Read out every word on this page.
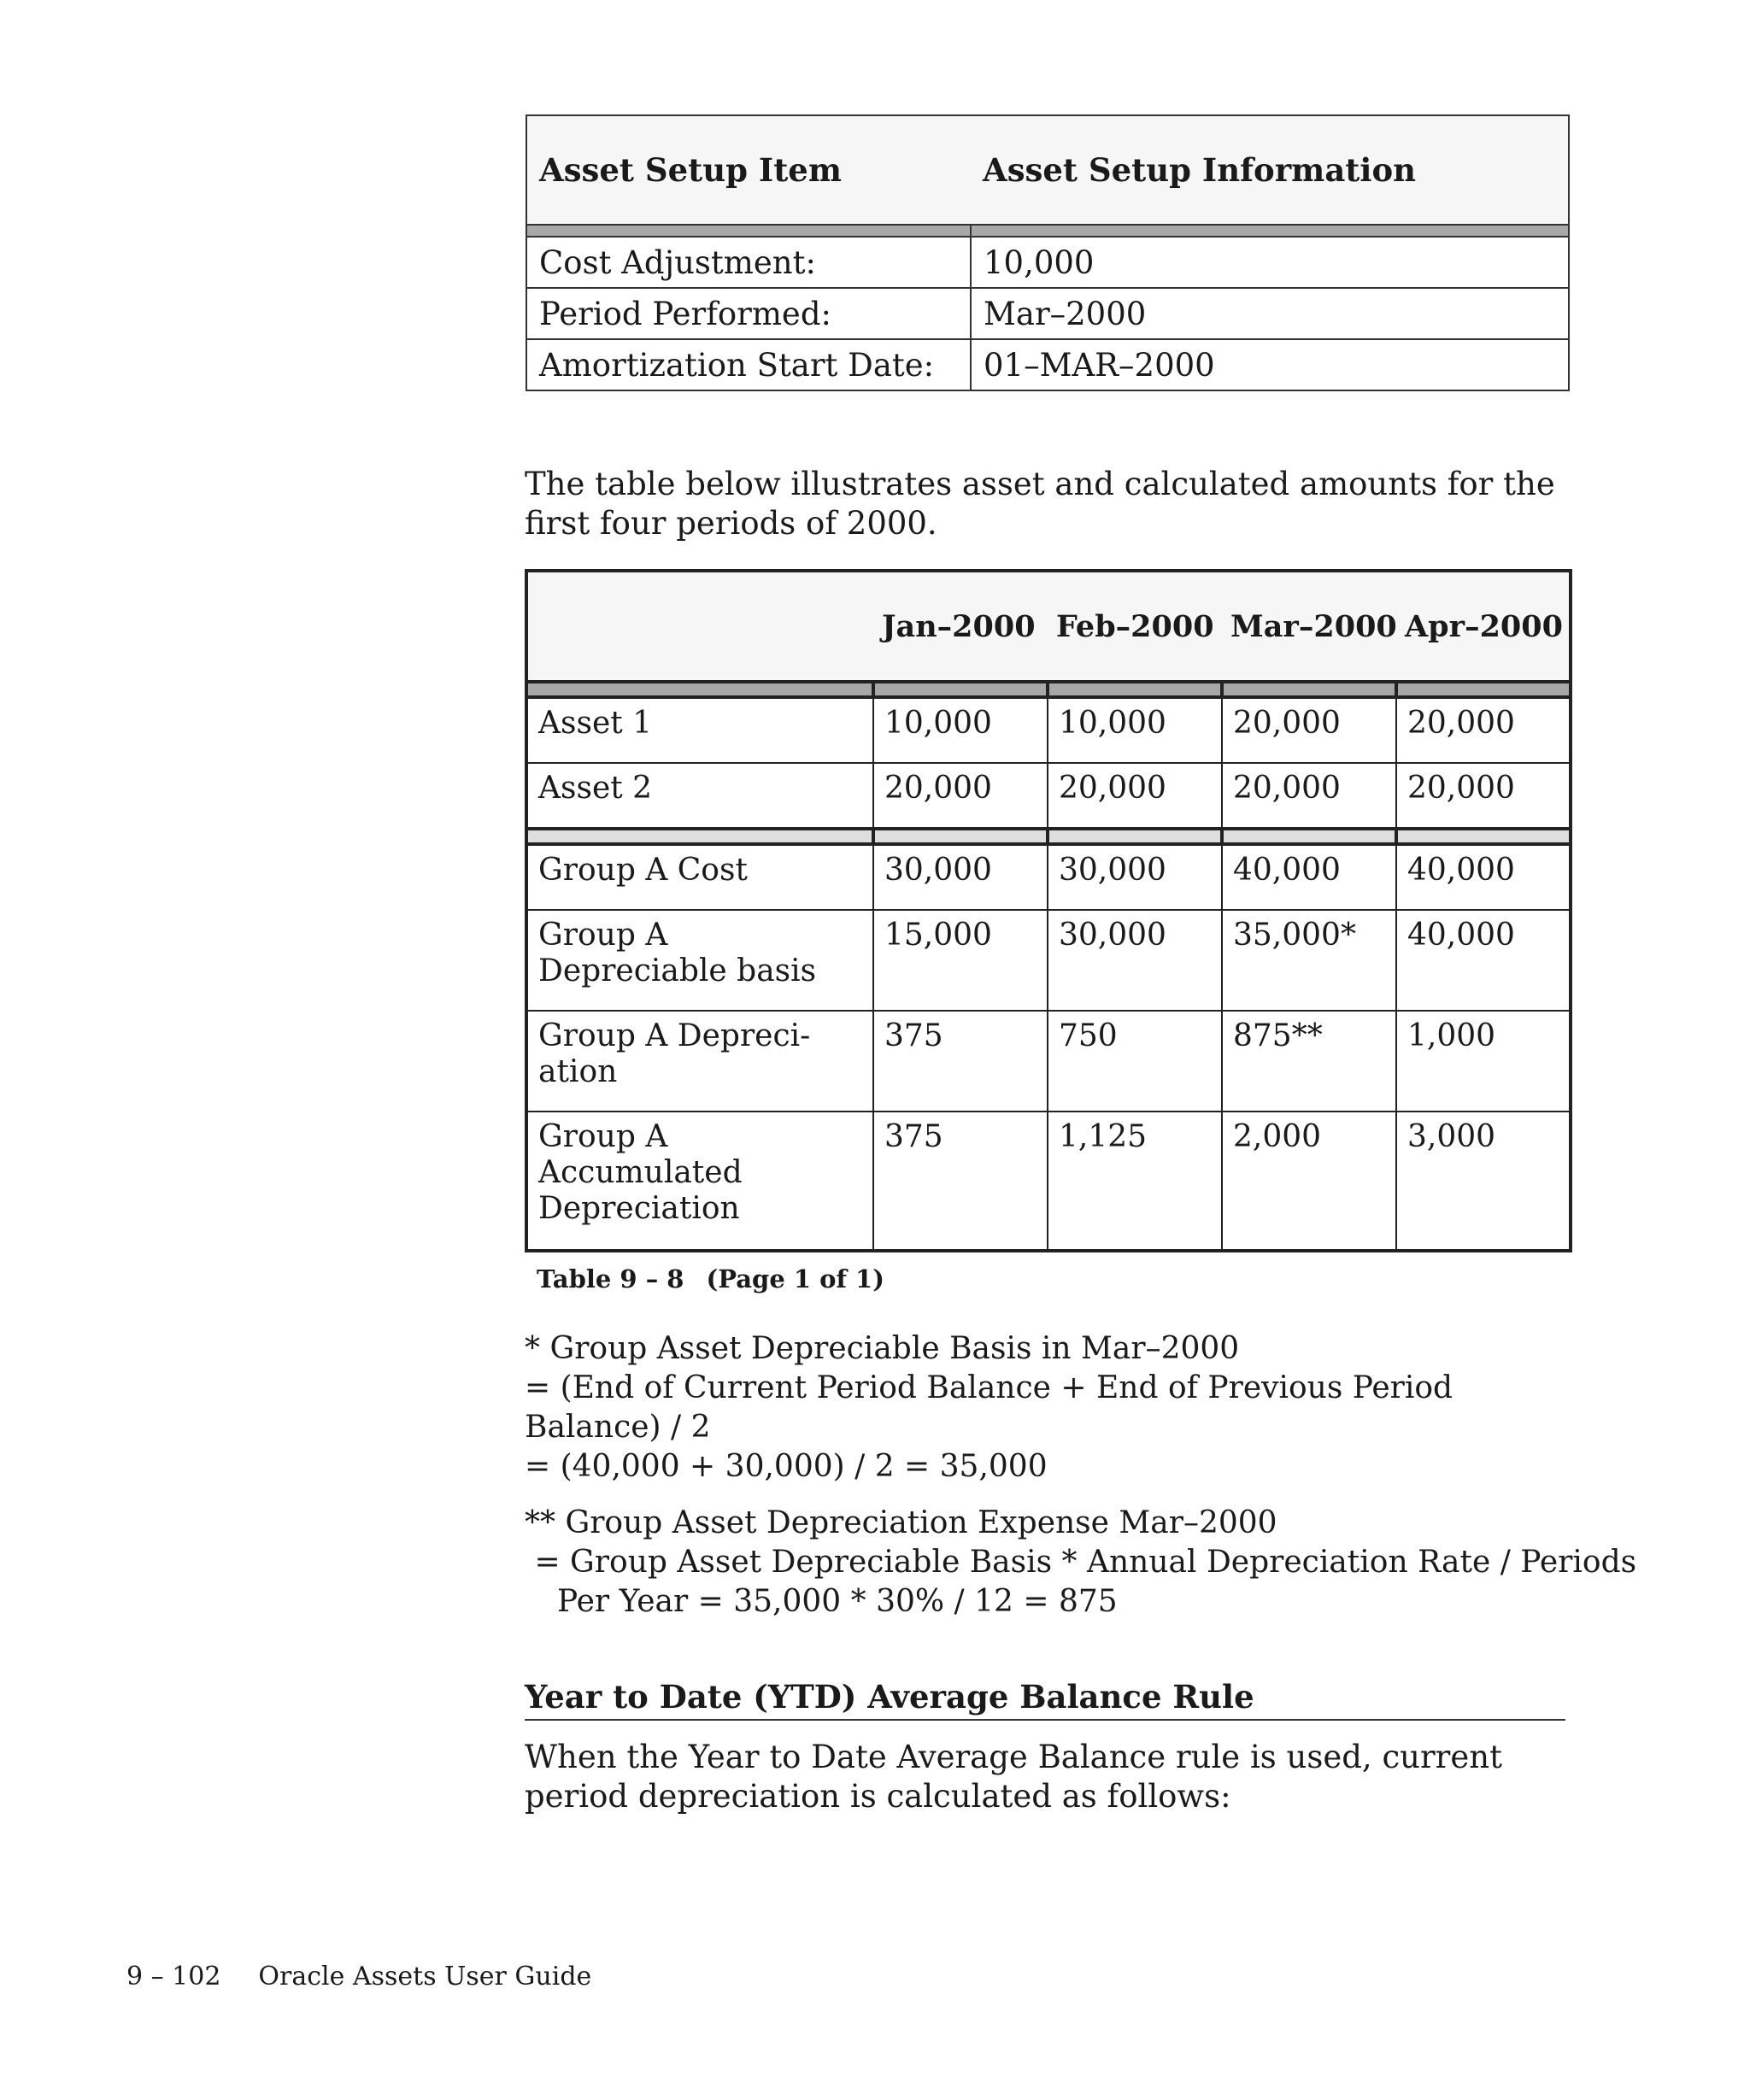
Asset Setup Item	Asset Setup Information

Cost Adjustment:	10,000
Period Performed:	Mar–2000
Amortization Start Date:	01–MAR–2000

The table below illustrates asset and calculated amounts for the first four periods of 2000.

	Jan–2000	Feb–2000	Mar–2000	Apr–2000

Asset 1	10,000	10,000	20,000	20,000
Asset 2	20,000	20,000	20,000	20,000

Group A Cost	30,000	30,000	40,000	40,000
Group A Depreciable basis	15,000	30,000	35,000*	40,000
Group A Depreci- ation	375	750	875**	1,000
Group A Accumulated Depreciation	375	1,125	2,000	3,000
Table 9 – 8 (Page 1 of 1)

* Group Asset Depreciable Basis in Mar–2000

= (End of Current Period Balance + End of Previous Period Balance) / 2

= (40,000 + 30,000) / 2 = 35,000

** Group Asset Depreciation Expense Mar–2000

= Group Asset Depreciable Basis * Annual Depreciation Rate / Periods

Per Year = 35,000 * 30% / 12 = 875

Year to Date (YTD) Average Balance Rule

When the Year to Date Average Balance rule is used, current period depreciation is calculated as follows:

9 – 102 Oracle Assets User Guide
